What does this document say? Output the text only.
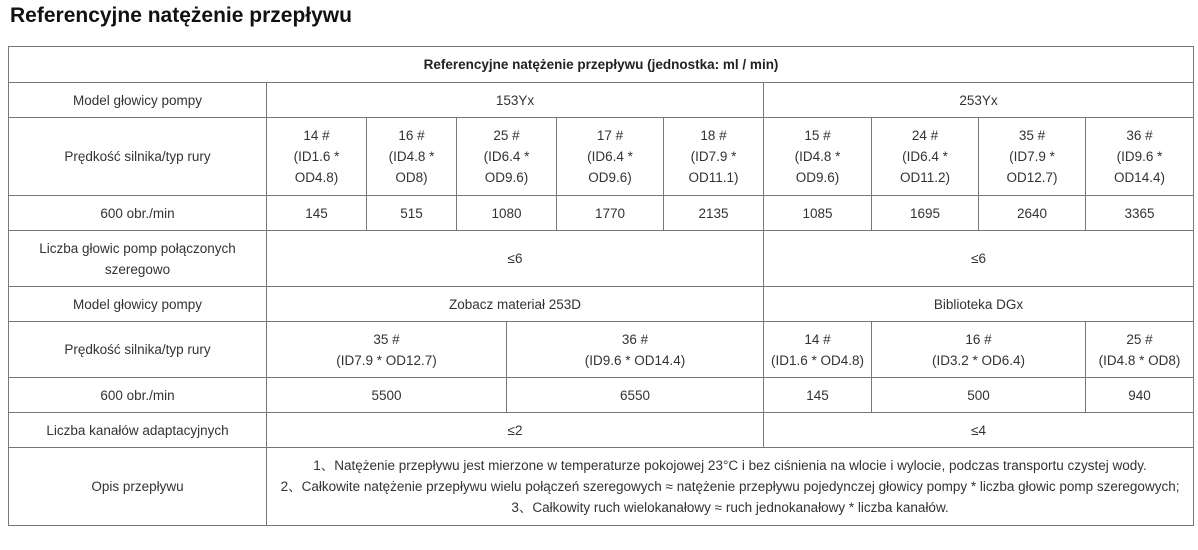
Referencyjne natężenie przepływu
Referencyjne natężenie przepływu (jednostka: ml / min)										
Model głowicy pompy	153Yx						253Yx			
Prędkość silnika/typ rury	14 #
(ID1.6 *
OD4.8)	16 #
(ID4.8 *
OD8)	25 #
(ID6.4 *
OD9.6)		17 #
(ID6.4 *
OD9.6)	18 #
(ID7.9 *
OD11.1)	15 #
(ID4.8 *
OD9.6)	24 #
(ID6.4 *
OD11.2)	35 #
(ID7.9 *
OD12.7)	36 #
(ID9.6 *
OD14.4)
600 obr./min	145	515	1080		1770	2135	1085	1695	2640	3365
Liczba głowic pomp połączonych szeregowo	≤6						≤6			
Model głowicy pompy	Zobacz materiał 253D						Biblioteka DGx			
Prędkość silnika/typ rury	35 #
(ID7.9 * OD12.7)			36 #
(ID9.6 * OD14.4)			14 #
(ID1.6 * OD4.8)	16 #
(ID3.2 * OD6.4)		25 #
(ID4.8 * OD8)
600 obr./min	5500			6550			145	500		940
Liczba kanałów adaptacyjnych	≤2						≤4			
Opis przepływu	1、Natężenie przepływu jest mierzone w temperaturze pokojowej 23°C i bez ciśnienia na wlocie i wylocie, podczas transportu czystej wody.
2、Całkowite natężenie przepływu wielu połączeń szeregowych ≈ natężenie przepływu pojedynczej głowicy pompy * liczba głowic pomp szeregowych;
3、Całkowity ruch wielokanałowy ≈ ruch jednokanałowy * liczba kanałów.									
